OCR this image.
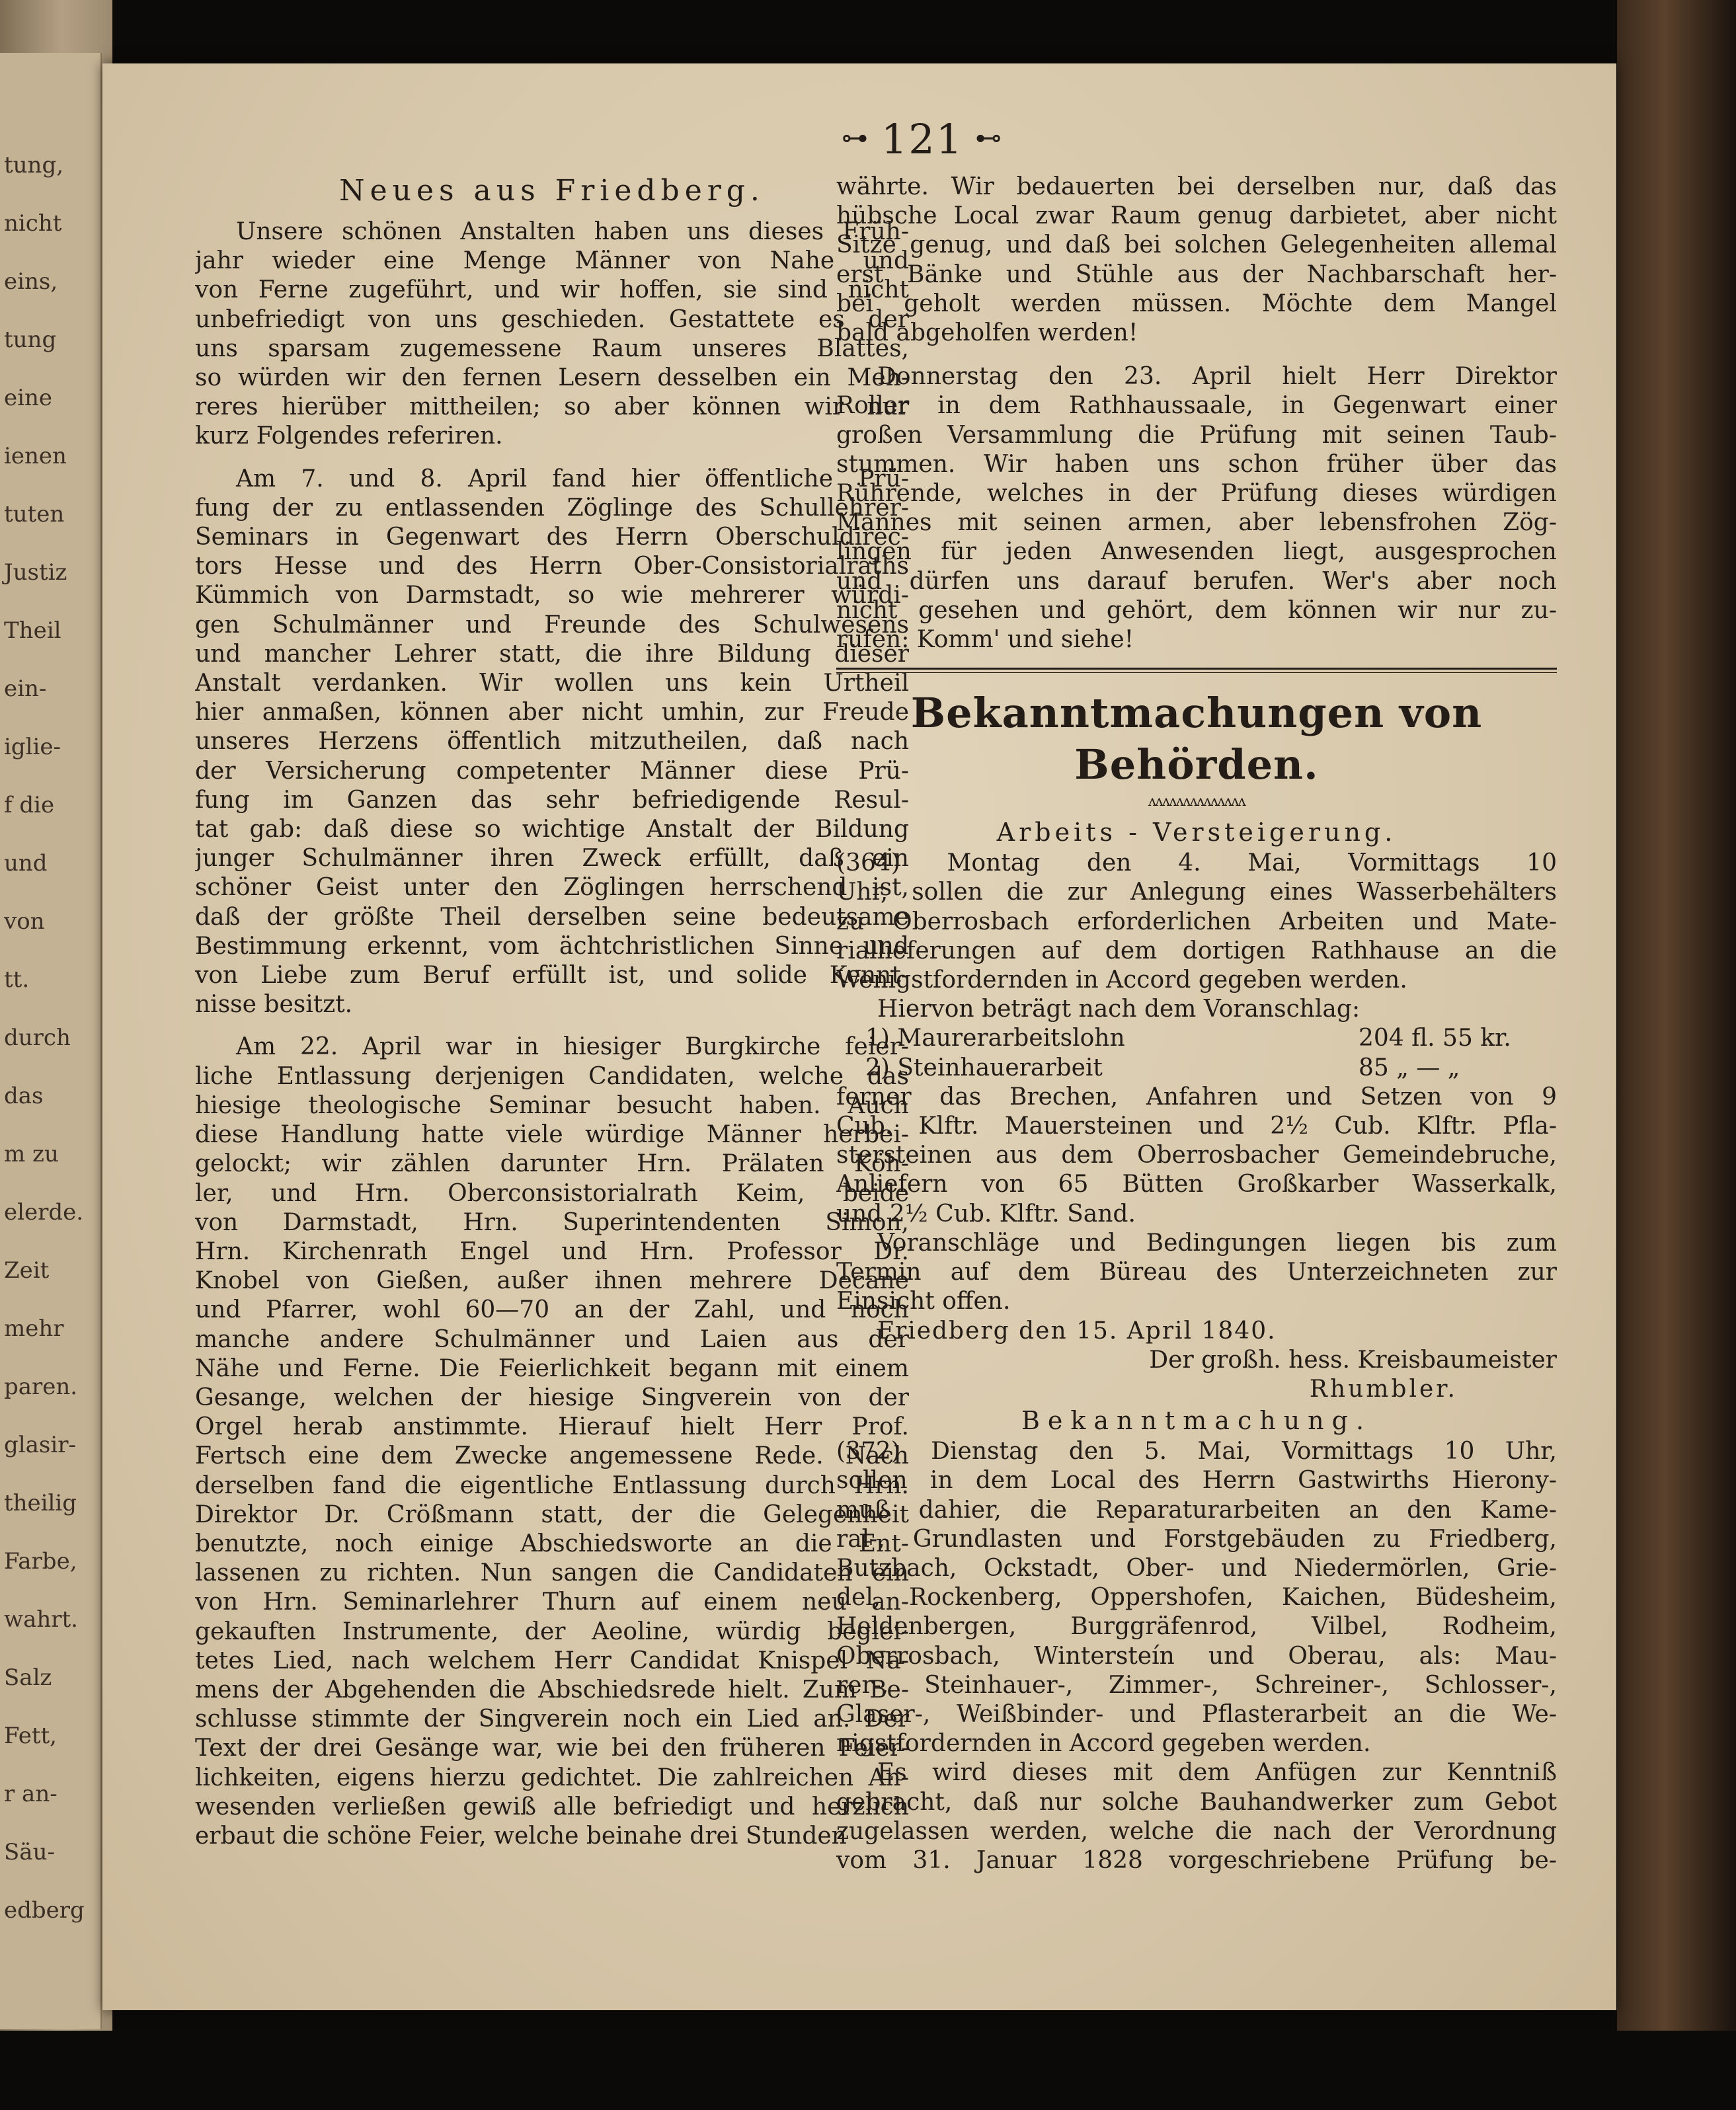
tung,
nicht
eins,
tung
eine
ienen
tuten
Justiz
Theil
ein-
iglie-
f die
und
von
tt.
durch
das
m zu
elerde.
Zeit
mehr
paren.
glasir-
theilig
Farbe,
wahrt.
Salz
Fett,
r an-
Säu-
edberg
⊶ 121 ⊷
Neues aus Friedberg.
Unsere schönen Anstalten haben uns dieses Früh-
jahr wieder eine Menge Männer von Nahe und
von Ferne zugeführt, und wir hoffen, sie sind nicht
unbefriedigt von uns geschieden. Gestattete es der
uns sparsam zugemessene Raum unseres Blattes,
so würden wir den fernen Lesern desselben ein Meh-
reres hierüber mittheilen; so aber können wir nur
kurz Folgendes referiren.
Am 7. und 8. April fand hier öffentliche Prü-
fung der zu entlassenden Zöglinge des Schullehrer-
Seminars in Gegenwart des Herrn Oberschuldirec-
tors Hesse und des Herrn Ober-Consistorialraths
Kümmich von Darmstadt, so wie mehrerer würdi-
gen Schulmänner und Freunde des Schulwesens
und mancher Lehrer statt, die ihre Bildung dieser
Anstalt verdanken. Wir wollen uns kein Urtheil
hier anmaßen, können aber nicht umhin, zur Freude
unseres Herzens öffentlich mitzutheilen, daß nach
der Versicherung competenter Männer diese Prü-
fung im Ganzen das sehr befriedigende Resul-
tat gab: daß diese so wichtige Anstalt der Bildung
junger Schulmänner ihren Zweck erfüllt, daß ein
schöner Geist unter den Zöglingen herrschend ist,
daß der größte Theil derselben seine bedeutsame
Bestimmung erkennt, vom ächtchristlichen Sinne und
von Liebe zum Beruf erfüllt ist, und solide Kennt-
nisse besitzt.
Am 22. April war in hiesiger Burgkirche feier-
liche Entlassung derjenigen Candidaten, welche das
hiesige theologische Seminar besucht haben. Auch
diese Handlung hatte viele würdige Männer herbei-
gelockt; wir zählen darunter Hrn. Prälaten Köh-
ler, und Hrn. Oberconsistorialrath Keim, beide
von Darmstadt, Hrn. Superintendenten Simon,
Hrn. Kirchenrath Engel und Hrn. Professor Dr.
Knobel von Gießen, außer ihnen mehrere Decane
und Pfarrer, wohl 60—70 an der Zahl, und noch
manche andere Schulmänner und Laien aus der
Nähe und Ferne. Die Feierlichkeit begann mit einem
Gesange, welchen der hiesige Singverein von der
Orgel herab anstimmte. Hierauf hielt Herr Prof.
Fertsch eine dem Zwecke angemessene Rede. Nach
derselben fand die eigentliche Entlassung durch Hrn.
Direktor Dr. Crößmann statt, der die Gelegenheit
benutzte, noch einige Abschiedsworte an die Ent-
lassenen zu richten. Nun sangen die Candidaten ein
von Hrn. Seminarlehrer Thurn auf einem neu an-
gekauften Instrumente, der Aeoline, würdig beglei-
tetes Lied, nach welchem Herr Candidat Knispel Na-
mens der Abgehenden die Abschiedsrede hielt. Zum Be-
schlusse stimmte der Singverein noch ein Lied an. Der
Text der drei Gesänge war, wie bei den früheren Feier-
lichkeiten, eigens hierzu gedichtet. Die zahlreichen An-
wesenden verließen gewiß alle befriedigt und herzlich
erbaut die schöne Feier, welche beinahe drei Stunden
währte. Wir bedauerten bei derselben nur, daß das
hübsche Local zwar Raum genug darbietet, aber nicht
Sitze genug, und daß bei solchen Gelegenheiten allemal
erst Bänke und Stühle aus der Nachbarschaft her-
bei geholt werden müssen. Möchte dem Mangel
bald abgeholfen werden!
Donnerstag den 23. April hielt Herr Direktor
Roller in dem Rathhaussaale, in Gegenwart einer
großen Versammlung die Prüfung mit seinen Taub-
stummen. Wir haben uns schon früher über das
Rührende, welches in der Prüfung dieses würdigen
Mannes mit seinen armen, aber lebensfrohen Zög-
lingen für jeden Anwesenden liegt, ausgesprochen
und dürfen uns darauf berufen. Wer's aber noch
nicht gesehen und gehört, dem können wir nur zu-
rufen: Komm' und siehe!
Bekanntmachungen von Behörden.
ʌʌʌʌʌʌʌʌʌʌʌʌʌʌ
Arbeits - Versteigerung.
(364) Montag den 4. Mai, Vormittags 10
Uhr, sollen die zur Anlegung eines Wasserbehälters
zu Oberrosbach erforderlichen Arbeiten und Mate-
riallieferungen auf dem dortigen Rathhause an die
Wenigstfordernden in Accord gegeben werden.
Hiervon beträgt nach dem Voranschlag:
1) Maurerarbeitslohn	204 fl. 55 kr.
2) Steinhauerarbeit	85 „ — „
ferner das Brechen, Anfahren und Setzen von 9
Cub. Klftr. Mauersteinen und 2½ Cub. Klftr. Pfla-
stersteinen aus dem Oberrosbacher Gemeindebruche,
Anliefern von 65 Bütten Großkarber Wasserkalk,
und 2½ Cub. Klftr. Sand.
Voranschläge und Bedingungen liegen bis zum
Termin auf dem Büreau des Unterzeichneten zur
Einsicht offen.
Friedberg den 15. April 1840.
Der großh. hess. Kreisbaumeister
Rhumbler.
Bekanntmachung.
(372) Dienstag den 5. Mai, Vormittags 10 Uhr,
sollen in dem Local des Herrn Gastwirths Hierony-
muß dahier, die Reparaturarbeiten an den Kame-
ral-, Grundlasten und Forstgebäuden zu Friedberg,
Butzbach, Ockstadt, Ober- und Niedermörlen, Grie-
del, Rockenberg, Oppershofen, Kaichen, Büdesheim,
Heldenbergen, Burggräfenrod, Vilbel, Rodheim,
Oberrosbach, Wintersteín und Oberau, als: Mau-
rer-, Steinhauer-, Zimmer-, Schreiner-, Schlosser-,
Glaser-, Weißbinder- und Pflasterarbeit an die We-
nigstfordernden in Accord gegeben werden.
Es wird dieses mit dem Anfügen zur Kenntniß
gebracht, daß nur solche Bauhandwerker zum Gebot
zugelassen werden, welche die nach der Verordnung
vom 31. Januar 1828 vorgeschriebene Prüfung be-
